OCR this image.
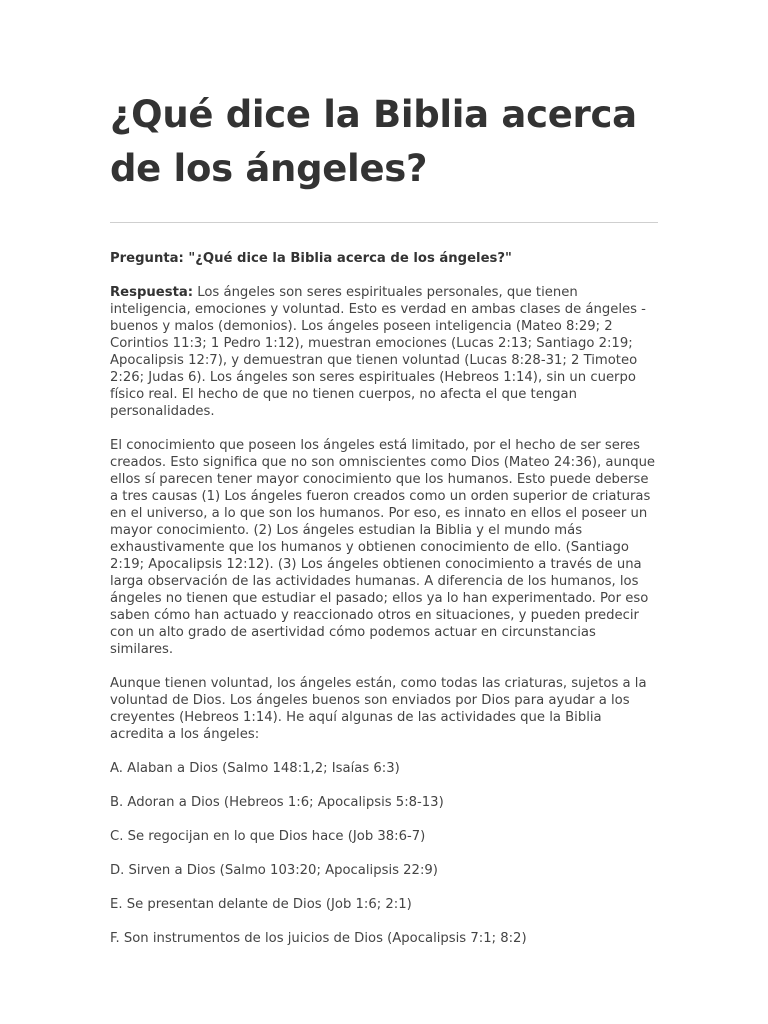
¿Qué dice la Biblia acerca de los ángeles?

Pregunta: "¿Qué dice la Biblia acerca de los ángeles?"

Respuesta: Los ángeles son seres espirituales personales, que tienen inteligencia, emociones y voluntad. Esto es verdad en ambas clases de ángeles - buenos y malos (demonios). Los ángeles poseen inteligencia (Mateo 8:29; 2 Corintios 11:3; 1 Pedro 1:12), muestran emociones (Lucas 2:13; Santiago 2:19; Apocalipsis 12:7), y demuestran que tienen voluntad (Lucas 8:28-31; 2 Timoteo 2:26; Judas 6). Los ángeles son seres espirituales (Hebreos 1:14), sin un cuerpo físico real. El hecho de que no tienen cuerpos, no afecta el que tengan personalidades.

El conocimiento que poseen los ángeles está limitado, por el hecho de ser seres creados. Esto significa que no son omniscientes como Dios (Mateo 24:36), aunque ellos sí parecen tener mayor conocimiento que los humanos. Esto puede deberse a tres causas (1) Los ángeles fueron creados como un orden superior de criaturas en el universo, a lo que son los humanos. Por eso, es innato en ellos el poseer un mayor conocimiento. (2) Los ángeles estudian la Biblia y el mundo más exhaustivamente que los humanos y obtienen conocimiento de ello. (Santiago 2:19; Apocalipsis 12:12). (3) Los ángeles obtienen conocimiento a través de una larga observación de las actividades humanas. A diferencia de los humanos, los ángeles no tienen que estudiar el pasado; ellos ya lo han experimentado. Por eso saben cómo han actuado y reaccionado otros en situaciones, y pueden predecir con un alto grado de asertividad cómo podemos actuar en circunstancias similares.

Aunque tienen voluntad, los ángeles están, como todas las criaturas, sujetos a la voluntad de Dios. Los ángeles buenos son enviados por Dios para ayudar a los creyentes (Hebreos 1:14). He aquí algunas de las actividades que la Biblia acredita a los ángeles:

A. Alaban a Dios (Salmo 148:1,2; Isaías 6:3)
B. Adoran a Dios (Hebreos 1:6; Apocalipsis 5:8-13)
C. Se regocijan en lo que Dios hace (Job 38:6-7)
D. Sirven a Dios (Salmo 103:20; Apocalipsis 22:9)
E. Se presentan delante de Dios (Job 1:6; 2:1)
F. Son instrumentos de los juicios de Dios (Apocalipsis 7:1; 8:2)
